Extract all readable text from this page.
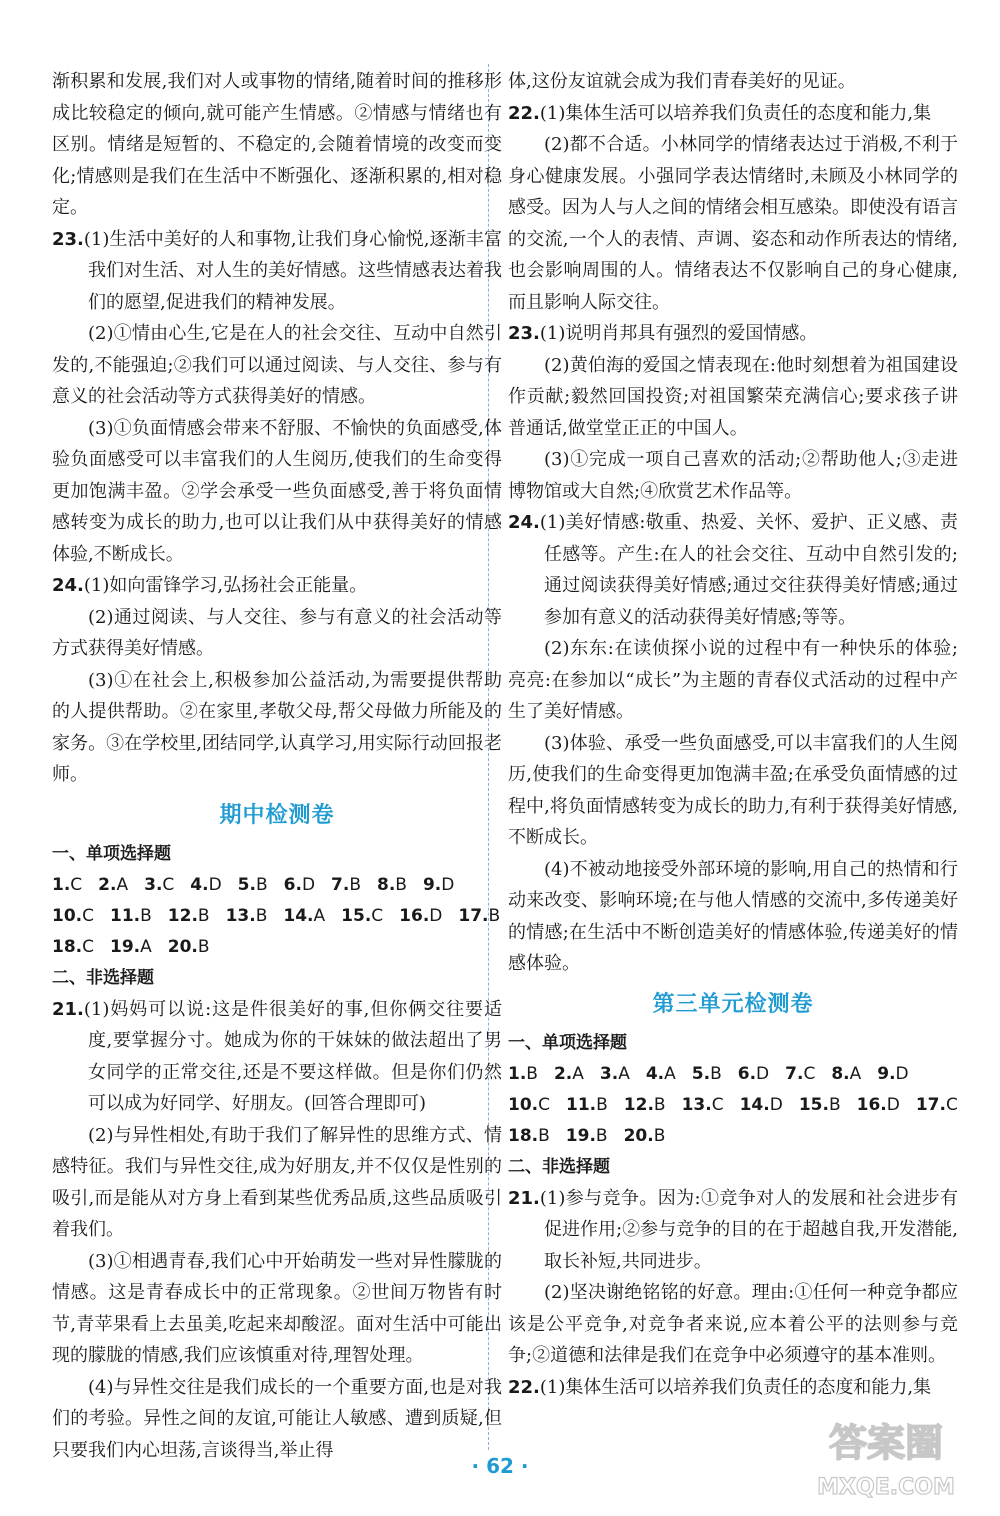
渐积累和发展,我们对人或事物的情绪,随着时间的推移形成比较稳定的倾向,就可能产生情感。②情感与情绪也有区别。情绪是短暂的、不稳定的,会随着情境的改变而变化;情感则是我们在生活中不断强化、逐渐积累的,相对稳定。

23.(1)生活中美好的人和事物,让我们身心愉悦,逐渐丰富我们对生活、对人生的美好情感。这些情感表达着我们的愿望,促进我们的精神发展。

(2)①情由心生,它是在人的社会交往、互动中自然引发的,不能强迫;②我们可以通过阅读、与人交往、参与有意义的社会活动等方式获得美好的情感。

(3)①负面情感会带来不舒服、不愉快的负面感受,体验负面感受可以丰富我们的人生阅历,使我们的生命变得更加饱满丰盈。②学会承受一些负面感受,善于将负面情感转变为成长的助力,也可以让我们从中获得美好的情感体验,不断成长。

24.(1)如向雷锋学习,弘扬社会正能量。

(2)通过阅读、与人交往、参与有意义的社会活动等方式获得美好情感。

(3)①在社会上,积极参加公益活动,为需要提供帮助的人提供帮助。②在家里,孝敬父母,帮父母做力所能及的家务。③在学校里,团结同学,认真学习,用实际行动回报老师。

期中检测卷
一、单项选择题
1.C 2.A 3.C 4.D 5.B 6.D 7.B 8.B 9.D
10.C 11.B 12.B 13.B 14.A 15.C 16.D 17.B
18.C 19.A 20.B
二、非选择题

21.(1)妈妈可以说:这是件很美好的事,但你俩交往要适度,要掌握分寸。她成为你的干妹妹的做法超出了男女同学的正常交往,还是不要这样做。但是你们仍然可以成为好同学、好朋友。(回答合理即可)

(2)与异性相处,有助于我们了解异性的思维方式、情感特征。我们与异性交往,成为好朋友,并不仅仅是性别的吸引,而是能从对方身上看到某些优秀品质,这些品质吸引着我们。

(3)①相遇青春,我们心中开始萌发一些对异性朦胧的情感。这是青春成长中的正常现象。②世间万物皆有时节,青苹果看上去虽美,吃起来却酸涩。面对生活中可能出现的朦胧的情感,我们应该慎重对待,理智处理。

(4)与异性交往是我们成长的一个重要方面,也是对我们的考验。异性之间的友谊,可能让人敏感、遭到质疑,但只要我们内心坦荡,言谈得当,举止得

体,这份友谊就会成为我们青春美好的见证。

22.(1)集体生活可以培养我们负责任的态度和能力,集

(2)都不合适。小林同学的情绪表达过于消极,不利于身心健康发展。小强同学表达情绪时,未顾及小林同学的感受。因为人与人之间的情绪会相互感染。即使没有语言的交流,一个人的表情、声调、姿态和动作所表达的情绪,也会影响周围的人。情绪表达不仅影响自己的身心健康,而且影响人际交往。

23.(1)说明肖邦具有强烈的爱国情感。

(2)黄伯海的爱国之情表现在:他时刻想着为祖国建设作贡献;毅然回国投资;对祖国繁荣充满信心;要求孩子讲普通话,做堂堂正正的中国人。

(3)①完成一项自己喜欢的活动;②帮助他人;③走进博物馆或大自然;④欣赏艺术作品等。

24.(1)美好情感:敬重、热爱、关怀、爱护、正义感、责任感等。产生:在人的社会交往、互动中自然引发的;通过阅读获得美好情感;通过交往获得美好情感;通过参加有意义的活动获得美好情感;等等。

(2)东东:在读侦探小说的过程中有一种快乐的体验;亮亮:在参加以“成长”为主题的青春仪式活动的过程中产生了美好情感。

(3)体验、承受一些负面感受,可以丰富我们的人生阅历,使我们的生命变得更加饱满丰盈;在承受负面情感的过程中,将负面情感转变为成长的助力,有利于获得美好情感,不断成长。

(4)不被动地接受外部环境的影响,用自己的热情和行动来改变、影响环境;在与他人情感的交流中,多传递美好的情感;在生活中不断创造美好的情感体验,传递美好的情感体验。

第三单元检测卷
一、单项选择题
1.B 2.A 3.A 4.A 5.B 6.D 7.C 8.A 9.D
10.C 11.B 12.B 13.C 14.D 15.B 16.D 17.C
18.B 19.B 20.B
二、非选择题

21.(1)参与竞争。因为:①竞争对人的发展和社会进步有促进作用;②参与竞争的目的在于超越自我,开发潜能,取长补短,共同进步。

(2)坚决谢绝铭铭的好意。理由:①任何一种竞争都应该是公平竞争,对竞争者来说,应本着公平的法则参与竞争;②道德和法律是我们在竞争中必须遵守的基本准则。

22.(1)集体生活可以培养我们负责任的态度和能力,集

· 62 ·
答案圈
MXQE.COM
